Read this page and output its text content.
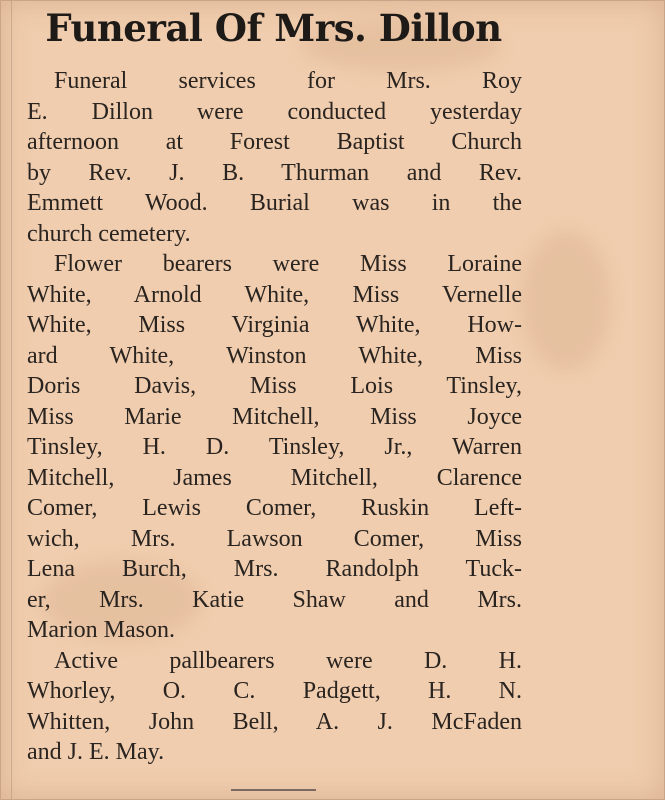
Funeral Of Mrs. Dillon
Funeral services for Mrs. Roy
E. Dillon were conducted yesterday
afternoon at Forest Baptist Church
by Rev. J. B. Thurman and Rev.
Emmett Wood. Burial was in the
church cemetery.
Flower bearers were Miss Loraine
White, Arnold White, Miss Vernelle
White, Miss Virginia White, How-
ard White, Winston White, Miss
Doris Davis, Miss Lois Tinsley,
Miss Marie Mitchell, Miss Joyce
Tinsley, H. D. Tinsley, Jr., Warren
Mitchell, James Mitchell, Clarence
Comer, Lewis Comer, Ruskin Left-
wich, Mrs. Lawson Comer, Miss
Lena Burch, Mrs. Randolph Tuck-
er, Mrs. Katie Shaw and Mrs.
Marion Mason.
Active pallbearers were D. H.
Whorley, O. C. Padgett, H. N.
Whitten, John Bell, A. J. McFaden
and J. E. May.
